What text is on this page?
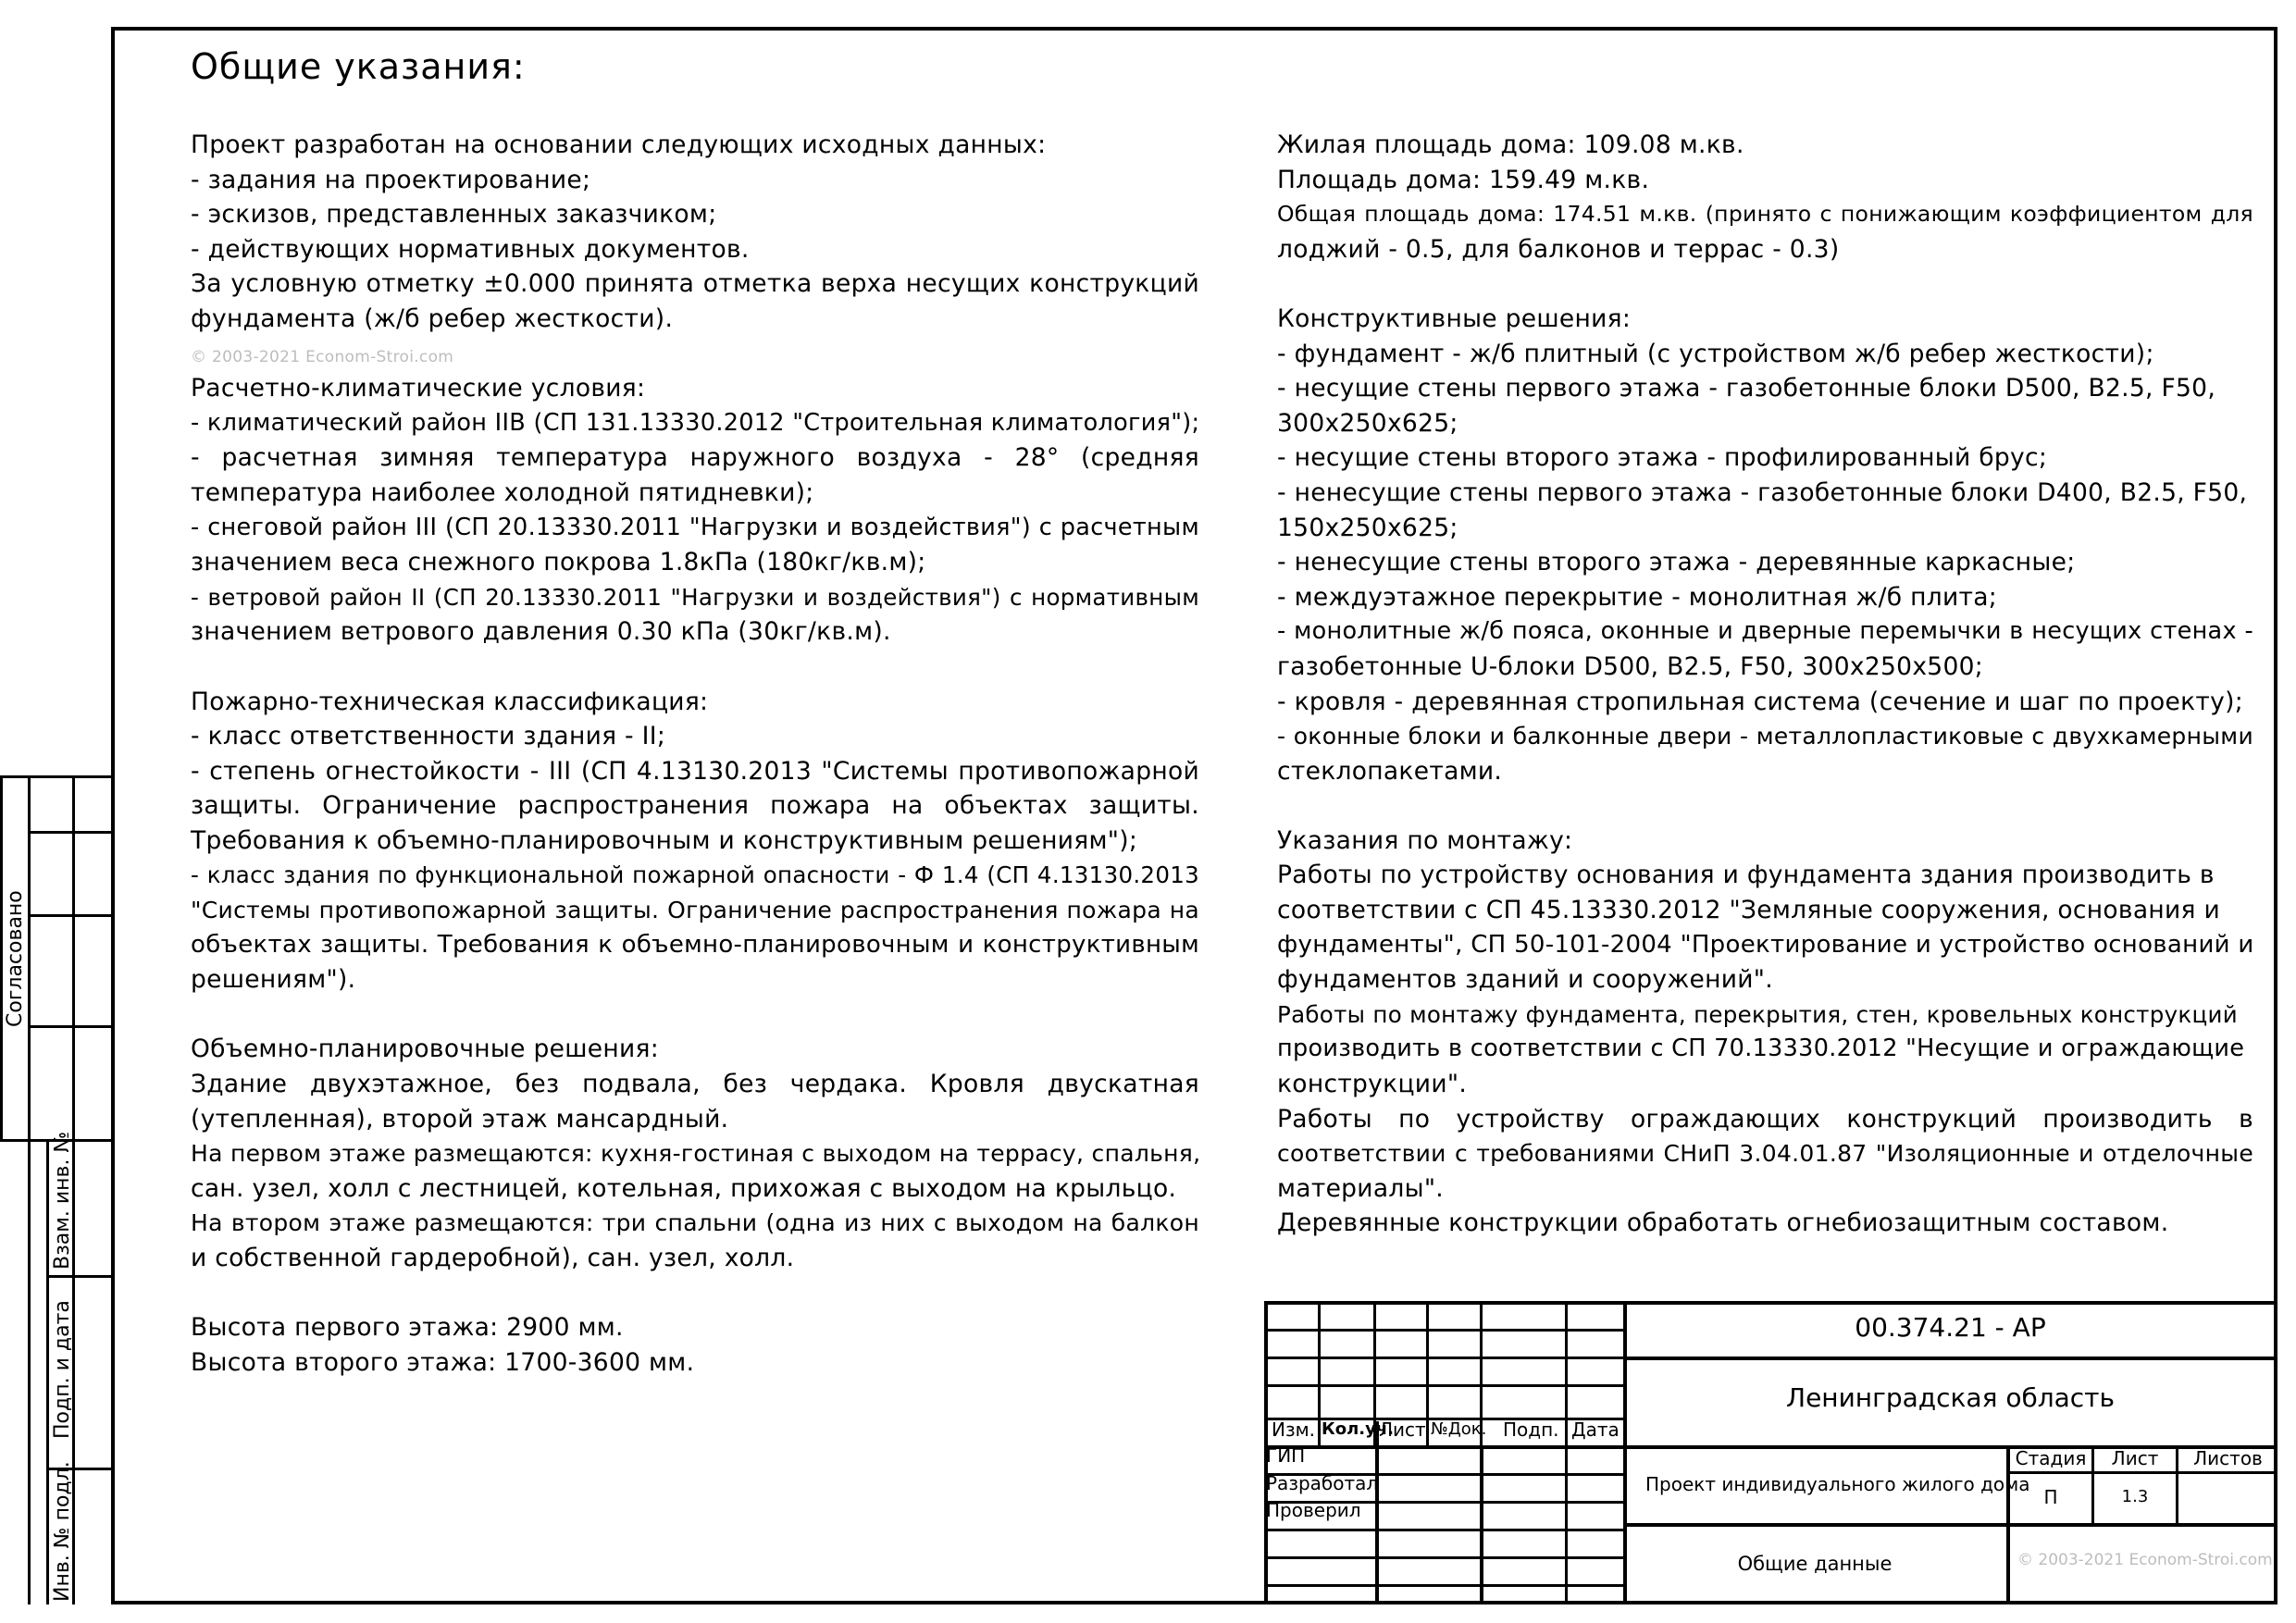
Общие указания:
Проект разработан на основании следующих исходных данных:
- задания на проектирование;
- эскизов, представленных заказчиком;
- действующих нормативных документов.
За условную отметку ±0.000 принята отметка верха несущих конструкций
фундамента (ж/б ребер жесткости).
© 2003-2021 Econom-Stroi.com
Расчетно-климатические условия:
- климатический район IIВ (СП 131.13330.2012 "Строительная климатология");
- расчетная зимняя температура наружного воздуха - 28° (средняя
температура наиболее холодной пятидневки);
- снеговой район III (СП 20.13330.2011 "Нагрузки и воздействия") с расчетным
значением веса снежного покрова 1.8кПа (180кг/кв.м);
- ветровой район II (СП 20.13330.2011 "Нагрузки и воздействия") с нормативным
значением ветрового давления 0.30 кПа (30кг/кв.м).
Пожарно-техническая классификация:
- класс ответственности здания - II;
- степень огнестойкости - III (СП 4.13130.2013 "Системы противопожарной
защиты. Ограничение распространения пожара на объектах защиты.
Требования к объемно-планировочным и конструктивным решениям");
- класс здания по функциональной пожарной опасности - Ф 1.4 (СП 4.13130.2013
"Системы противопожарной защиты. Ограничение распространения пожара на
объектах защиты. Требования к объемно-планировочным и конструктивным
решениям").
Объемно-планировочные решения:
Здание двухэтажное, без подвала, без чердака. Кровля двускатная
(утепленная), второй этаж мансардный.
На первом этаже размещаются: кухня-гостиная с выходом на террасу, спальня,
сан. узел, холл с лестницей, котельная, прихожая с выходом на крыльцо.
На втором этаже размещаются: три спальни (одна из них с выходом на балкон
и собственной гардеробной), сан. узел, холл.
Высота первого этажа: 2900 мм.
Высота второго этажа: 1700-3600 мм.
Жилая площадь дома: 109.08 м.кв.
Площадь дома: 159.49 м.кв.
Общая площадь дома: 174.51 м.кв. (принято с понижающим коэффициентом для
лоджий - 0.5, для балконов и террас - 0.3)
Конструктивные решения:
- фундамент - ж/б плитный (с устройством ж/б ребер жесткости);
- несущие стены первого этажа - газобетонные блоки D500, В2.5, F50,
300x250x625;
- несущие стены второго этажа - профилированный брус;
- ненесущие стены первого этажа - газобетонные блоки D400, В2.5, F50,
150x250x625;
- ненесущие стены второго этажа - деревянные каркасные;
- междуэтажное перекрытие - монолитная ж/б плита;
- монолитные ж/б пояса, оконные и дверные перемычки в несущих стенах -
газобетонные U-блоки D500, В2.5, F50, 300x250x500;
- кровля - деревянная стропильная система (сечение и шаг по проекту);
- оконные блоки и балконные двери - металлопластиковые с двухкамерными
стеклопакетами.
Указания по монтажу:
Работы по устройству основания и фундамента здания производить в
соответствии с СП 45.13330.2012 "Земляные сооружения, основания и
фундаменты", СП 50-101-2004 "Проектирование и устройство оснований и
фундаментов зданий и сооружений".
Работы по монтажу фундамента, перекрытия, стен, кровельных конструкций
производить в соответствии с СП 70.13330.2012 "Несущие и ограждающие
конструкции".
Работы по устройству ограждающих конструкций производить в
соответствии с требованиями СНиП 3.04.01.87 "Изоляционные и отделочные
материалы".
Деревянные конструкции обработать огнебиозащитным составом.
Согласовано
Взам. инв. №
Подп. и дата
Инв. № подл.
Изм. Кол.уч.
Лист №Док. Подп. Дата
ГИП
Разработал
Проверил
00.374.21 - АР
Ленинградская область
Проект индивидуального жилого дома
Общие данные
Стадия	Лист	Листов
П	1.3
© 2003-2021 Econom-Stroi.com
